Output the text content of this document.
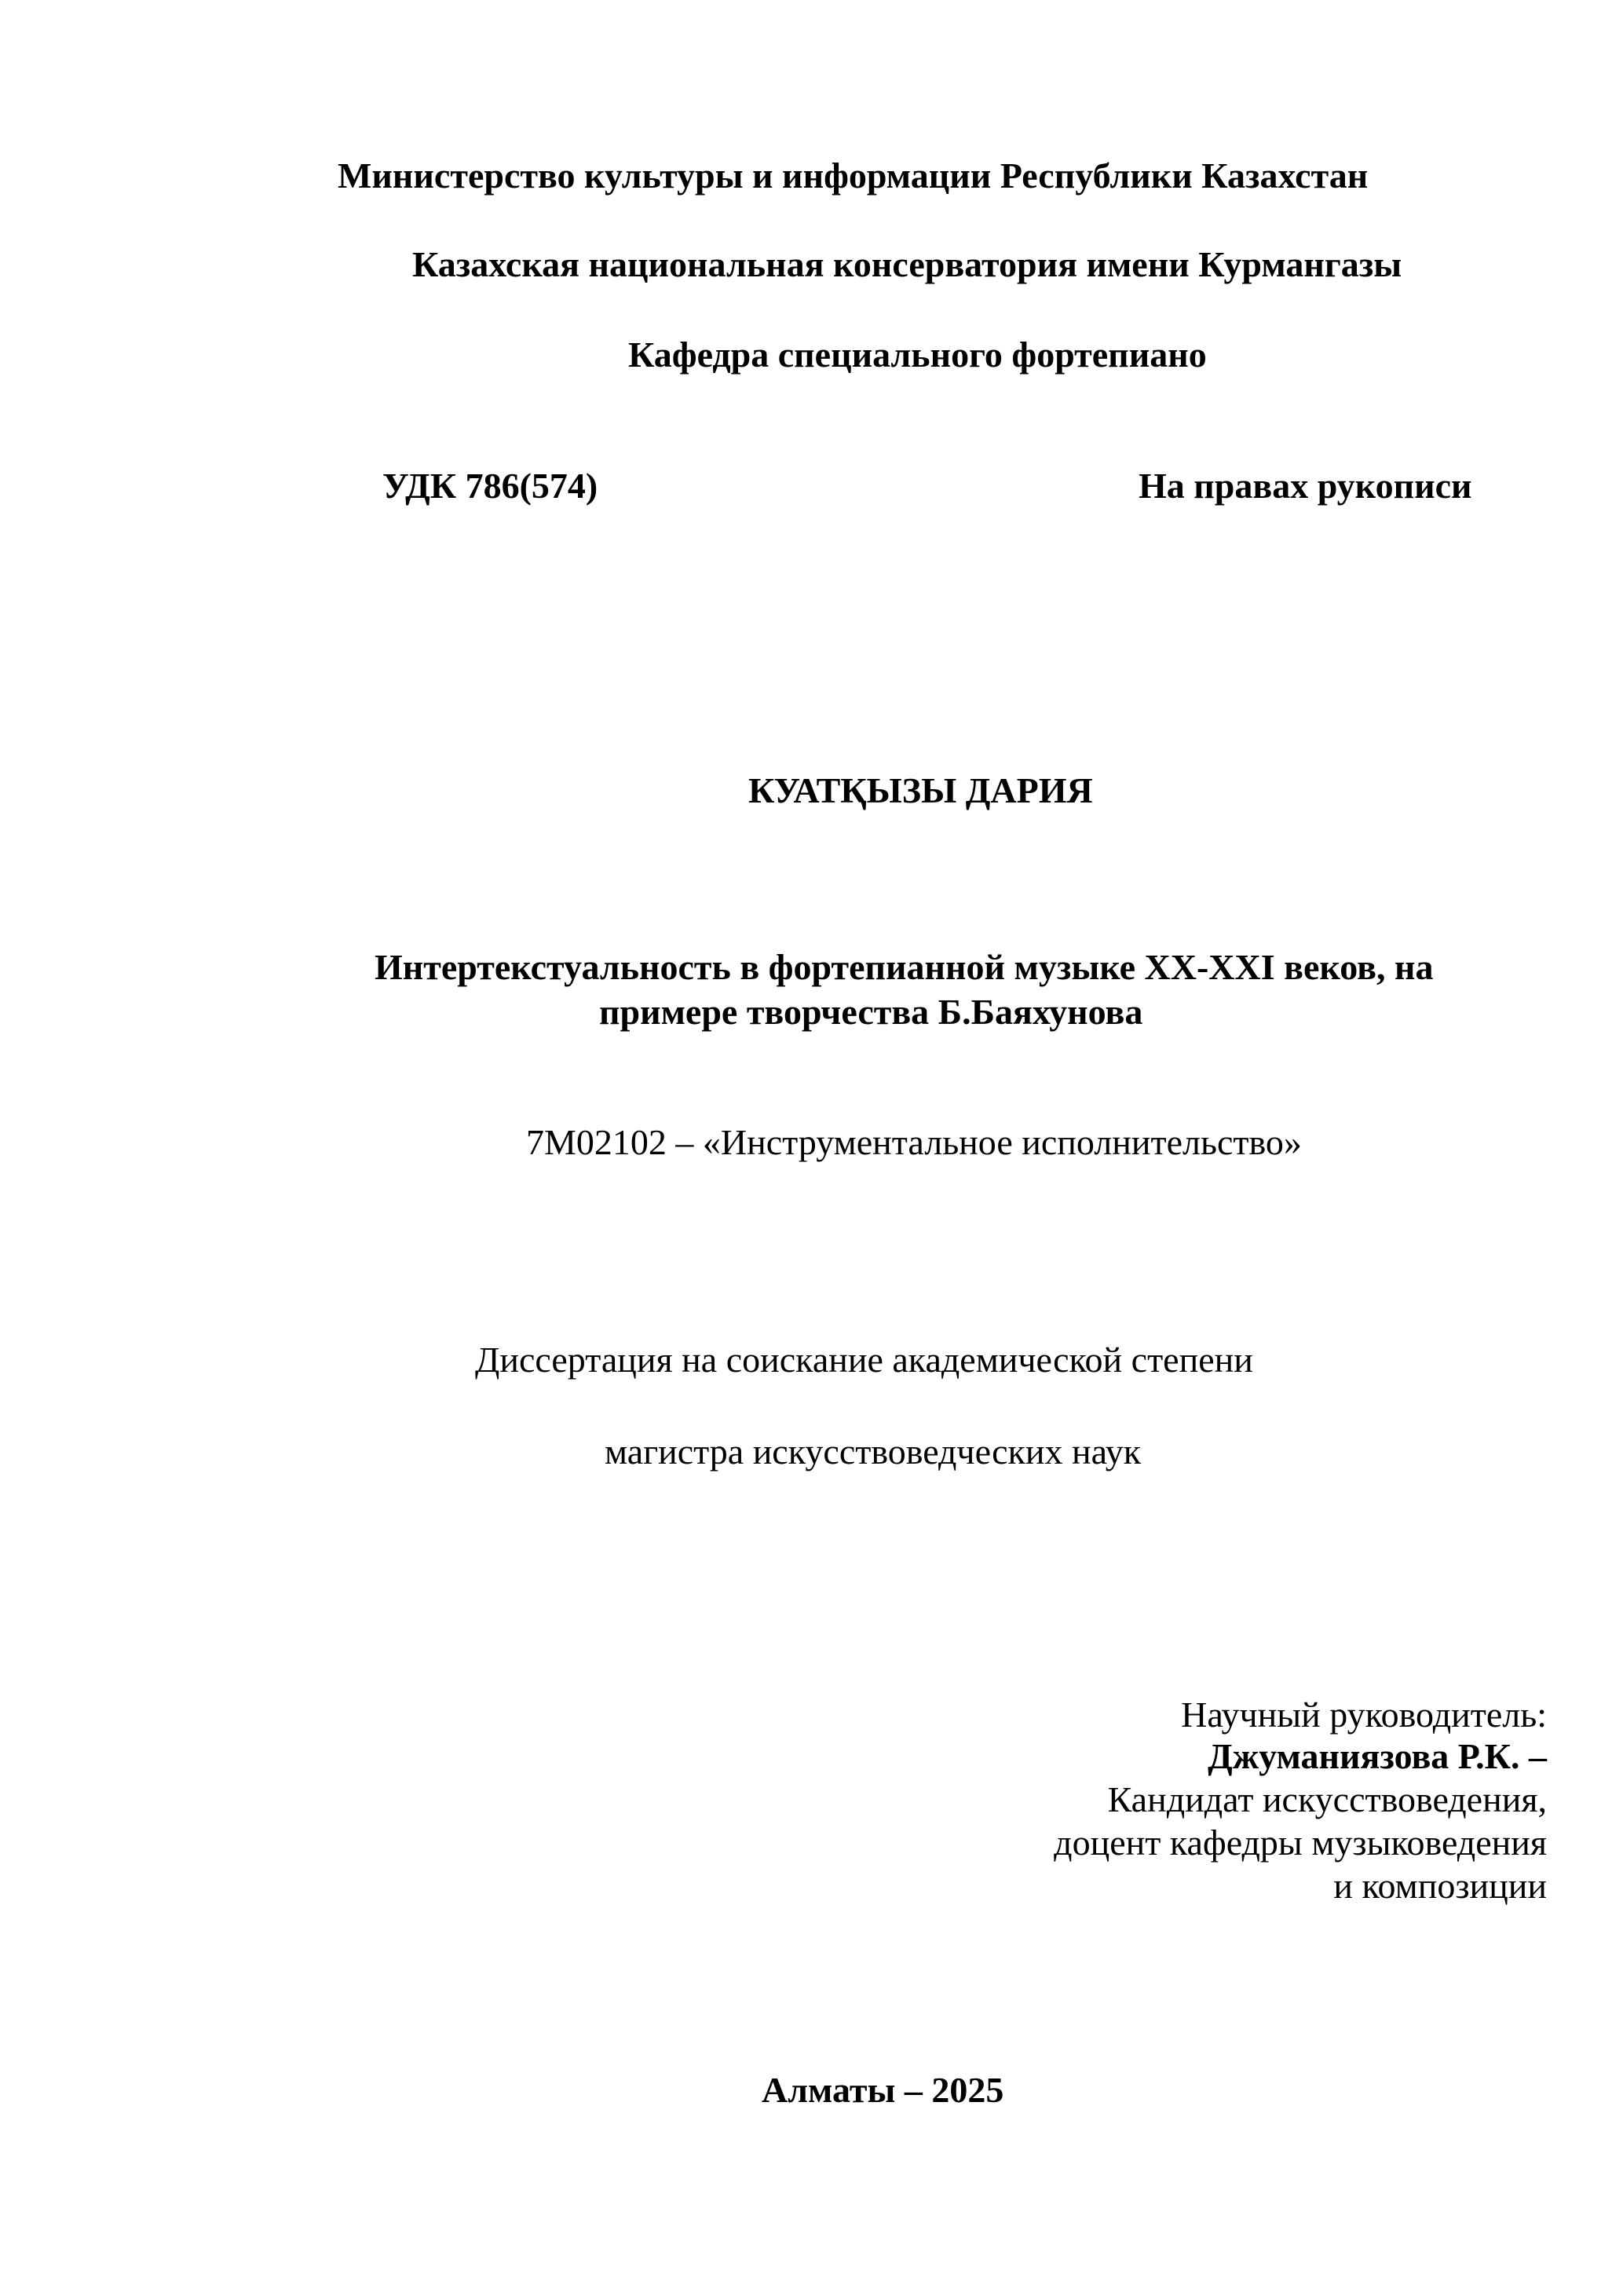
Министерство культуры и информации Республики Казахстан
Казахская национальная консерватория имени Курмангазы
Кафедра специального фортепиано
УДК 786(574)	На правах рукописи
КУАТҚЫЗЫ ДАРИЯ
Интертекстуальность в фортепианной музыке XX-XXI веков, на
примере творчества Б.Баяхунова
7М02102 – «Инструментальное исполнительство»
Диссертация на соискание академической степени
магистра искусствоведческих наук
Научный руководитель:
Джуманиязова Р.К. –
Кандидат искусствоведения,
доцент кафедры музыковедения
и композиции
Алматы – 2025
